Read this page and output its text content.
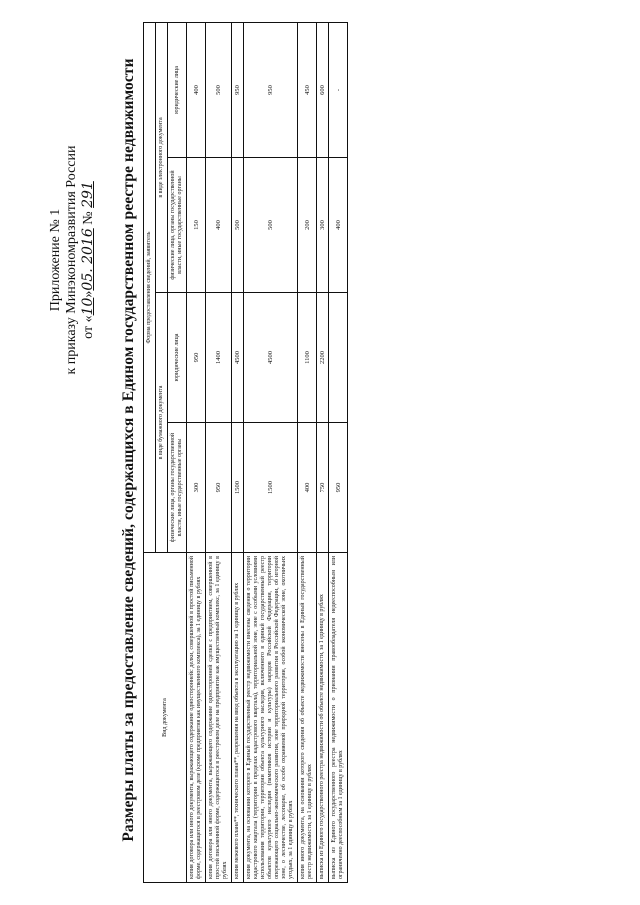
Приложение № 1 к приказу Минэкономразвития России от «10»05. 2016 № 291 Размеры платы за предоставление сведений, содержащихся в Едином государственном реестре недвижимости	Вид документа	Форма предоставления сведений, заявитель			
	в виде бумажного документа		в виде электронного документа	
	физические лица, органы государственной власти, иные государственные органы	юридические лица	физические лица, органы государственной власти, иные государственные органы	юридические лица
копия договора или иного документа, выражающего содержание одностороннейс делки, совершенной в простой письменной форме, содержащегося в реестровом деле (кроме предприятия как имущественного комплекса), за 1 единицу в рублях	300	950	150	400
копия договора или иного документа, выражающего содержание односторонней сделки с предприятием, совершенной в простой письменной форме, содержащегося в реестровом деле на предприятие как имущественный комплекс, за 1 единицу в рублях	950	1400	400	500
копия межевого плана**, технического плана**, разрешения на ввод объекта в эксплуатацию за 1 единицу в рублях	1500	4500	500	950
копия документа, на основании которого в Единый государственный реестр недвижимости внесены сведения о территории кадастрового квартала (территории в пределах кадастрового квартала), территориальной зоне, зоне с особыми условиями использования территории, территории объекта культурного наследия, включенного в единый государственный реестр объектов культурного наследия (памятников истории и культуры) народов Российской Федерации, территории опережающего социально-экономического развития, зоне территориального развития в Российской Федерации, об игорной зоне, о лесничестве, лесопарке, об особо охраняемой природной территории, особой экономической зоне, охотничьих угодьях, за 1 единицу в рублях	1500	4500	500	950
копия иного документа, на основании которого сведения об объекте недвижимости внесены в Единый государственный реестр недвижимости, за 1 единицу в рублях	400	1100	200	450
выписка из Единого государственного реестра недвижимости об объекте недвижимости, за 1 единицу в рублях	750	2200	300	600
выписка из Единого государственного реестра недвижимости о признании правообладателя недееспособным или ограниченно дееспособным за 1 единицу в рублях	950		400	-
